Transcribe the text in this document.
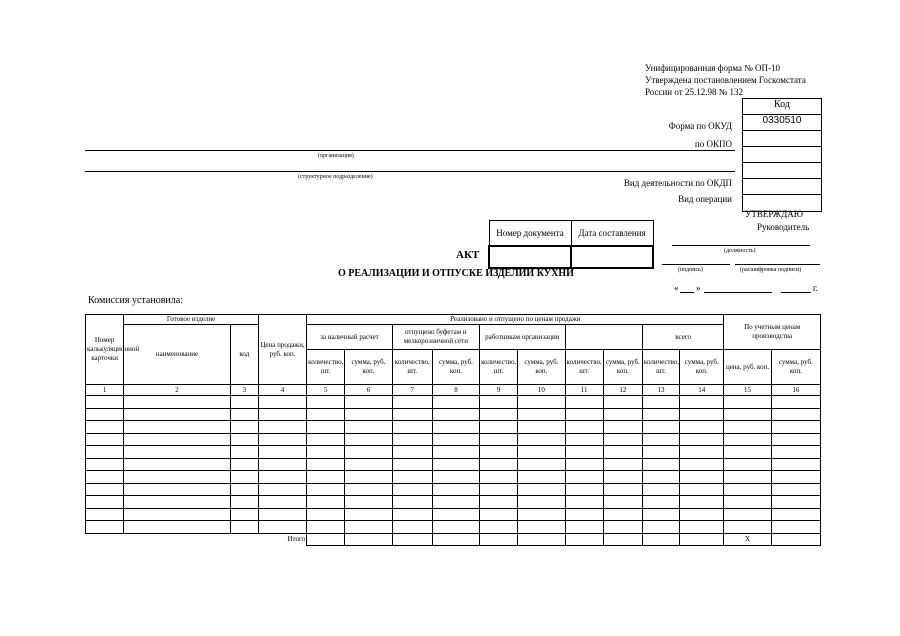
Унифицированная форма № ОП-10
Утверждена постановлением Госкомстата
России от 25.12.98 № 132
Код
0330510
Форма по ОКУД
по ОКПО
Вид деятельности по ОКДП
Вид операции
(организация)
(структурное подразделение)
Номер документа	Дата составления

АКТ
О РЕАЛИЗАЦИИ И ОТПУСКЕ ИЗДЕЛИЙ КУХНИ
УТВЕРЖДАЮ
Руководитель
(должность)
(подпись)	(расшифровка подписи)
« »	г.
Комиссия установила:
Номер калькуляционной карточки	Готовое изделие		Цена продажи, руб. коп.	Реализовано и отпущено по ценам продажи										По учетным ценам производства	
	наименование	код		за наличный расчет		отпущено буфетам и мелкорозничной сети		работникам организации				всего			
				количество, шт.	сумма, руб. коп.	количество, шт.	сумма, руб. коп.	количество, шт.	сумма, руб. коп.	количество, шт.	сумма, руб. коп.	количество, шт.	сумма, руб. коп.	цена, руб. коп.	сумма, руб. коп.
1	2	3	4	5	6	7	8	9	10	11	12	13	14	15	16

			Итого											X	
